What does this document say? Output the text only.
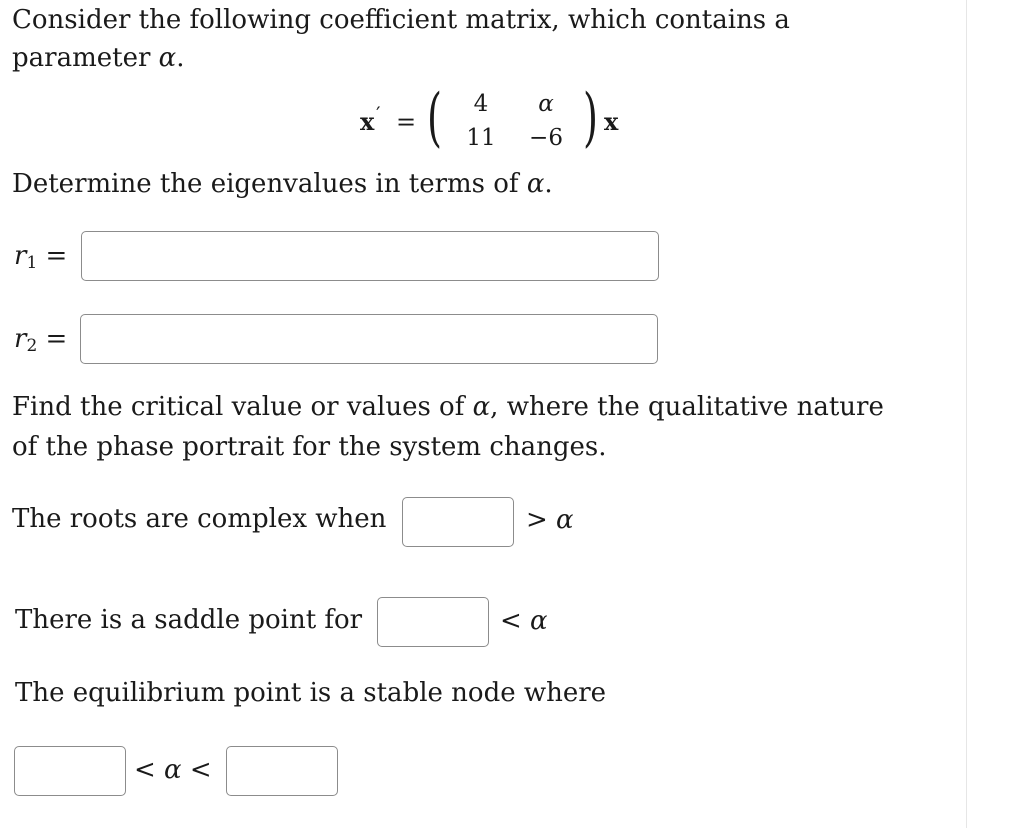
Consider the following coefficient matrix, which contains a
parameter α.
x ′ = (	4	α
11	−6 ) x
Determine the eigenvalues in terms of α.
$r_1$ =
$r_2$ =
Find the critical value or values of α, where the qualitative nature
of the phase portrait for the system changes.
The roots are complex when	> α
There is a saddle point for	< α
The equilibrium point is a stable node where
< α <
